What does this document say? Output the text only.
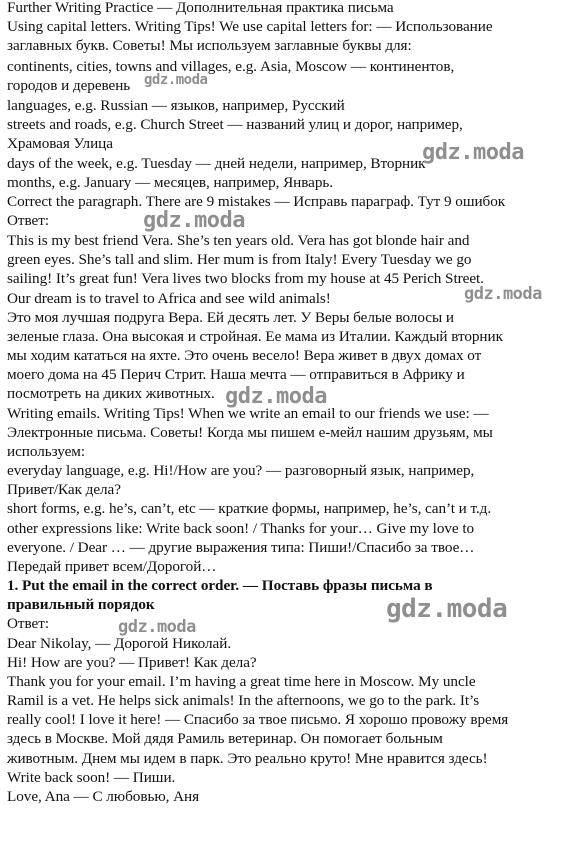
Further Writing Practice — Дополнительная практика письма

Using capital letters. Writing Tips! We use capital letters for: — Использование

заглавных букв. Советы! Мы используем заглавные буквы для:

continents, cities, towns and villages, e.g. Asia, Moscow — континентов,

городов и деревень

languages, e.g. Russian — языков, например, Русский

streets and roads, e.g. Church Street — названий улиц и дорог, например,

Храмовая Улица

days of the week, e.g. Tuesday — дней недели, например, Вторник

months, e.g. January — месяцев, например, Январь.

Correct the paragraph. There are 9 mistakes — Исправь параграф. Тут 9 ошибок

Ответ:

This is my best friend Vera. She’s ten years old. Vera has got blonde hair and

green eyes. She’s tall and slim. Her mum is from Italy! Every Tuesday we go

sailing! It’s great fun! Vera lives two blocks from my house at 45 Perich Street.

Our dream is to travel to Africa and see wild animals!

Это моя лучшая подруга Вера. Ей десять лет. У Веры белые волосы и

зеленые глаза. Она высокая и стройная. Ее мама из Италии. Каждый вторник

мы ходим кататься на яхте. Это очень весело! Вера живет в двух домах от

моего дома на 45 Перич Стрит. Наша мечта — отправиться в Африку и

посмотреть на диких животных.

Writing emails. Writing Tips! When we write an email to our friends we use: —

Электронные письма. Советы! Когда мы пишем е-мейл нашим друзьям, мы

используем:

everyday language, e.g. Hi!/How are you? — разговорный язык, например,

Привет/Как дела?

short forms, e.g. he’s, can’t, etc — краткие формы, например, he’s, can’t и т.д.

other expressions like: Write back soon! / Thanks for your… Give my love to

everyone. / Dear … — другие выражения типа: Пиши!/Спасибо за твое…

Передай привет всем/Дорогой…

1. Put the email in the correct order. — Поставь фразы письма в

правильный порядок

Ответ:

Dear Nikolay, — Дорогой Николай.

Hi! How are you? — Привет! Как дела?

Thank you for your email. I’m having a great time here in Moscow. My uncle

Ramil is a vet. He helps sick animals! In the afternoons, we go to the park. It’s

really cool! I love it here! — Спасибо за твое письмо. Я хорошо провожу время

здесь в Москве. Мой дядя Рамиль ветеринар. Он помогает больным

животным. Днем мы идем в парк. Это реально круто! Мне нравится здесь!

Write back soon! — Пиши.

Love, Ana — С любовью, Аня

gdz.moda
gdz.moda
gdz.moda
gdz.moda
gdz.moda
gdz.moda
gdz.moda
